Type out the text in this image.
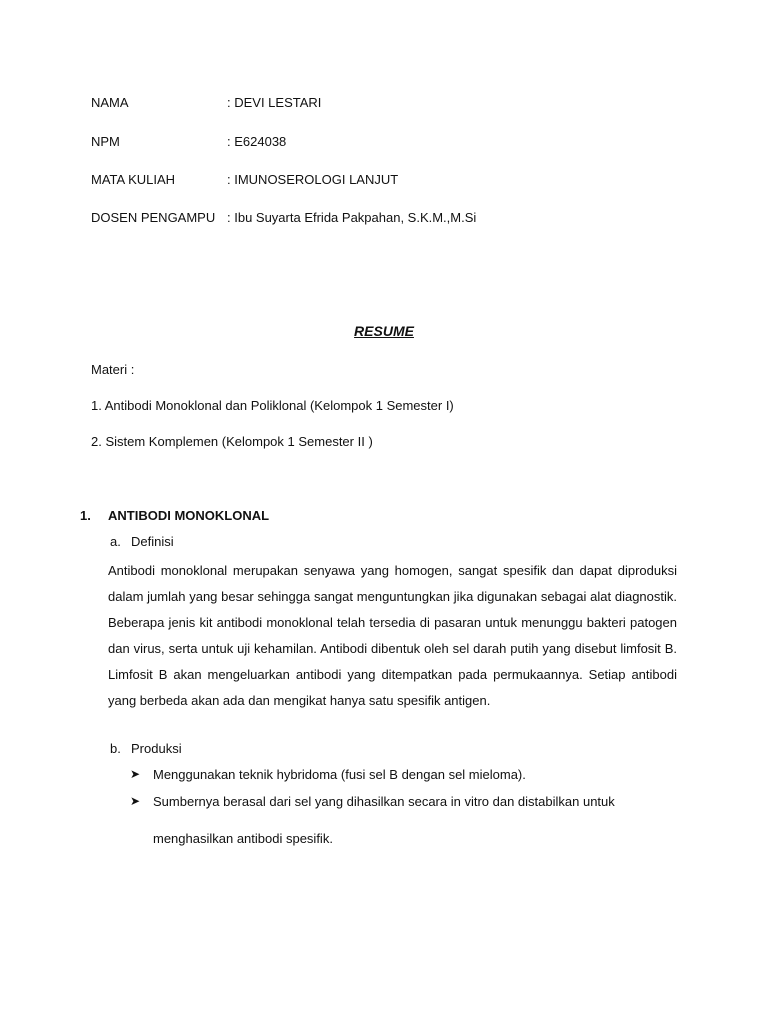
NAMA	: DEVI LESTARI
NPM	: E624038
MATA KULIAH	: IMUNOSEROLOGI LANJUT
DOSEN PENGAMPU : Ibu Suyarta Efrida Pakpahan, S.K.M.,M.Si
RESUME
Materi :
1. Antibodi Monoklonal dan Poliklonal (Kelompok 1 Semester I)
2. Sistem Komplemen (Kelompok 1 Semester II )
1.	ANTIBODI MONOKLONAL
a. Definisi

Antibodi monoklonal merupakan senyawa yang homogen, sangat spesifik dan dapat diproduksi dalam jumlah yang besar sehingga sangat menguntungkan jika digunakan sebagai alat diagnostik. Beberapa jenis kit antibodi monoklonal telah tersedia di pasaran untuk menunggu bakteri patogen dan virus, serta untuk uji kehamilan. Antibodi dibentuk oleh sel darah putih yang disebut limfosit B. Limfosit B akan mengeluarkan antibodi yang ditempatkan pada permukaannya. Setiap antibodi yang berbeda akan ada dan mengikat hanya satu spesifik antigen.

b. Produksi
➤ Menggunakan teknik hybridoma (fusi sel B dengan sel mieloma).
➤ Sumbernya berasal dari sel yang dihasilkan secara in vitro dan distabilkan untuk
menghasilkan antibodi spesifik.
